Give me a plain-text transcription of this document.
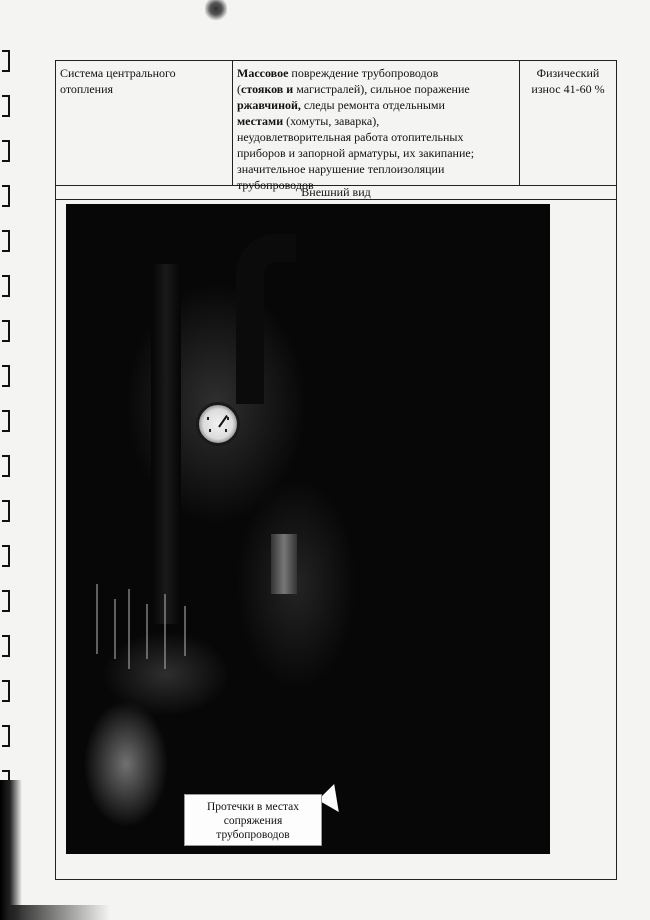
Система центрального
отопления
Массовое повреждение трубопроводов
(стояков и магистралей), сильное поражение
ржавчиной, следы ремонта отдельными
местами (хомуты, заварка),
неудовлетворительная работа отопительных
приборов и запорной арматуры, их закипание;
значительное нарушение теплоизоляции
трубопроводов
Физический
износ 41-60 %
Внешний вид
Протечки в местах
сопряжения
трубопроводов
